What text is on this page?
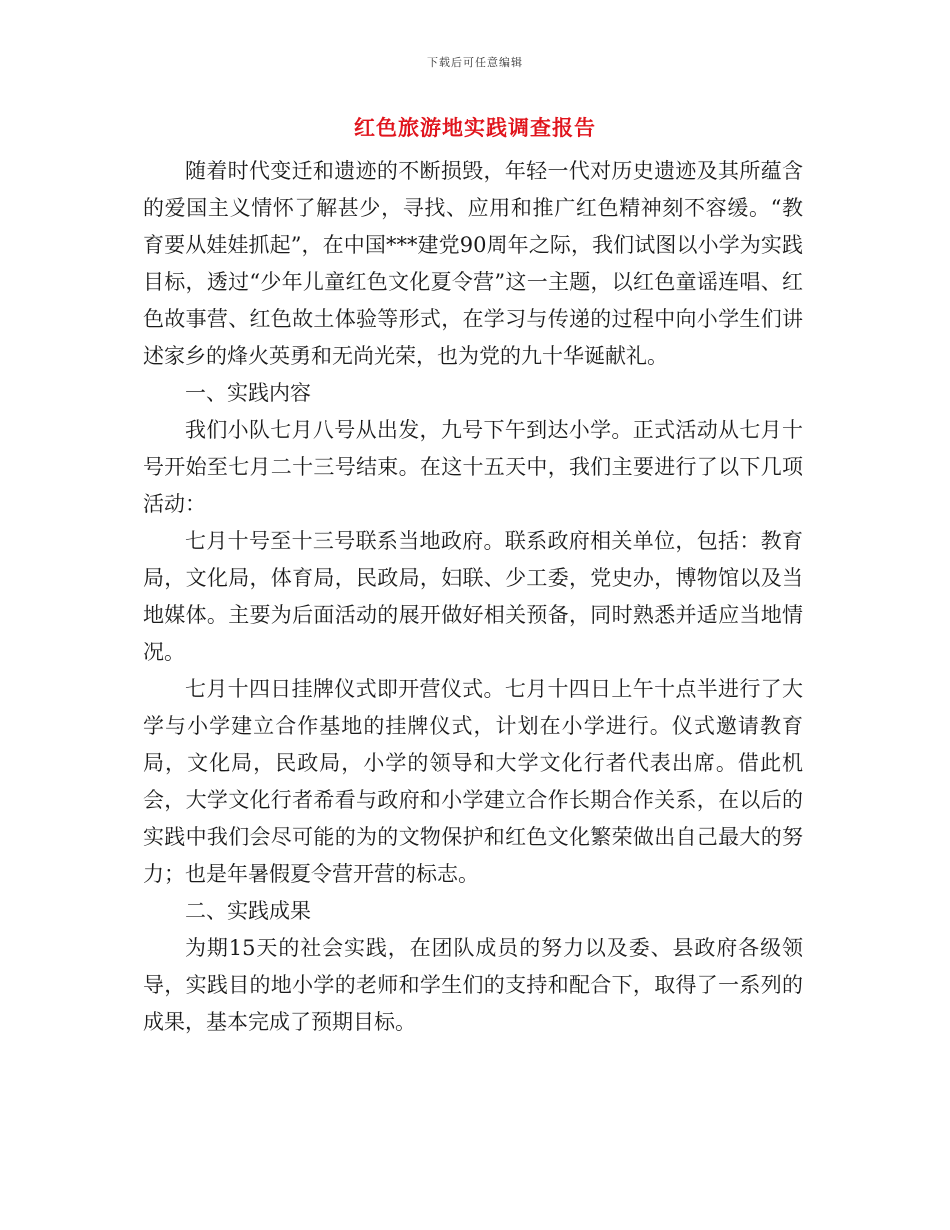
下载后可任意编辑
红色旅游地实践调查报告

随着时代变迁和遗迹的不断损毁，年轻一代对历史遗迹及其所蕴含的爱国主义情怀了解甚少，寻找、应用和推广红色精神刻不容缓。“教育要从娃娃抓起”，在中国***建党90周年之际，我们试图以小学为实践目标，透过“少年儿童红色文化夏令营”这一主题，以红色童谣连唱、红色故事营、红色故土体验等形式，在学习与传递的过程中向小学生们讲述家乡的烽火英勇和无尚光荣，也为党的九十华诞献礼。

一、实践内容

我们小队七月八号从出发，九号下午到达小学。正式活动从七月十号开始至七月二十三号结束。在这十五天中，我们主要进行了以下几项活动：

七月十号至十三号联系当地政府。联系政府相关单位，包括：教育局，文化局，体育局，民政局，妇联、少工委，党史办，博物馆以及当地媒体。主要为后面活动的展开做好相关预备，同时熟悉并适应当地情况。

七月十四日挂牌仪式即开营仪式。七月十四日上午十点半进行了大学与小学建立合作基地的挂牌仪式，计划在小学进行。仪式邀请教育局，文化局，民政局，小学的领导和大学文化行者代表出席。借此机会，大学文化行者希看与政府和小学建立合作长期合作关系，在以后的实践中我们会尽可能的为的文物保护和红色文化繁荣做出自己最大的努力；也是年暑假夏令营开营的标志。

二、实践成果

为期15天的社会实践，在团队成员的努力以及委、县政府各级领导，实践目的地小学的老师和学生们的支持和配合下，取得了一系列的成果，基本完成了预期目标。
